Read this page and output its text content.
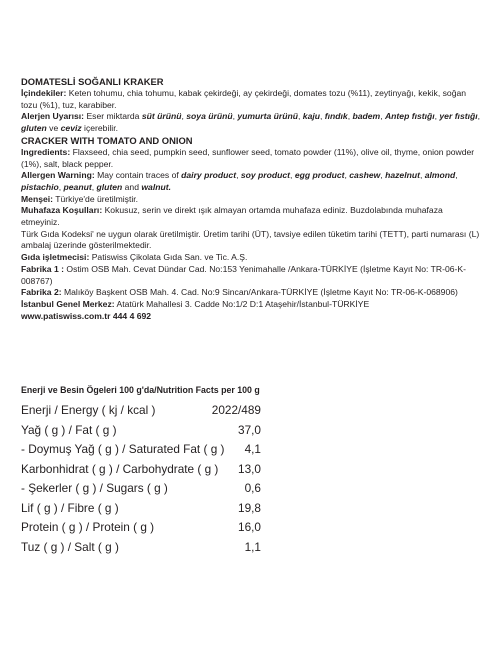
DOMATESLİ SOĞANLI KRAKER

İçindekiler: Keten tohumu, chia tohumu, kabak çekirdeği, ay çekirdeği, domates tozu (%11), zeytinyağı, kekik, soğan tozu (%1), tuz, karabiber.

Alerjen Uyarısı: Eser miktarda süt ürünü, soya ürünü, yumurta ürünü, kaju, fındık, badem, Antep fıstığı, yer fıstığı, gluten ve ceviz içerebilir.

CRACKER WITH TOMATO AND ONION

Ingredients: Flaxseed, chia seed, pumpkin seed, sunflower seed, tomato powder (11%), olive oil, thyme, onion powder (1%), salt, black pepper.

Allergen Warning: May contain traces of dairy product, soy product, egg product, cashew, hazelnut, almond, pistachio, peanut, gluten and walnut.

Menşei: Türkiye'de üretilmiştir.

Muhafaza Koşulları: Kokusuz, serin ve direkt ışık almayan ortamda muhafaza ediniz. Buzdolabında muhafaza etmeyiniz.

Türk Gıda Kodeksi' ne uygun olarak üretilmiştir. Üretim tarihi (ÜT), tavsiye edilen tüketim tarihi (TETT), parti numarası (L) ambalaj üzerinde gösterilmektedir.

Gıda işletmecisi: Patiswiss Çikolata Gıda San. ve Tic. A.Ş.

Fabrika 1 : Ostim OSB Mah. Cevat Dündar Cad. No:153 Yenimahalle /Ankara-TÜRKİYE (İşletme Kayıt No: TR-06-K-008767)

Fabrika 2: Malıköy Başkent OSB Mah. 4. Cad. No:9 Sincan/Ankara-TÜRKİYE (İşletme Kayıt No: TR-06-K-068906)

İstanbul Genel Merkez: Atatürk Mahallesi 3. Cadde No:1/2 D:1 Ataşehir/İstanbul-TÜRKİYE

www.patiswiss.com.tr 444 4 692

Enerji ve Besin Ögeleri 100 g'da/Nutrition Facts per 100 g
Enerji / Energy ( kj / kcal )	2022/489
Yağ ( g ) / Fat ( g )	37,0
- Doymuş Yağ ( g ) / Saturated Fat ( g ) 4,1
Karbonhidrat ( g ) / Carbohydrate ( g ) 13,0
- Şekerler ( g ) / Sugars ( g )	0,6
Lif ( g ) / Fibre ( g )	19,8
Protein ( g ) / Protein ( g )	16,0
Tuz ( g ) / Salt ( g )	1,1
